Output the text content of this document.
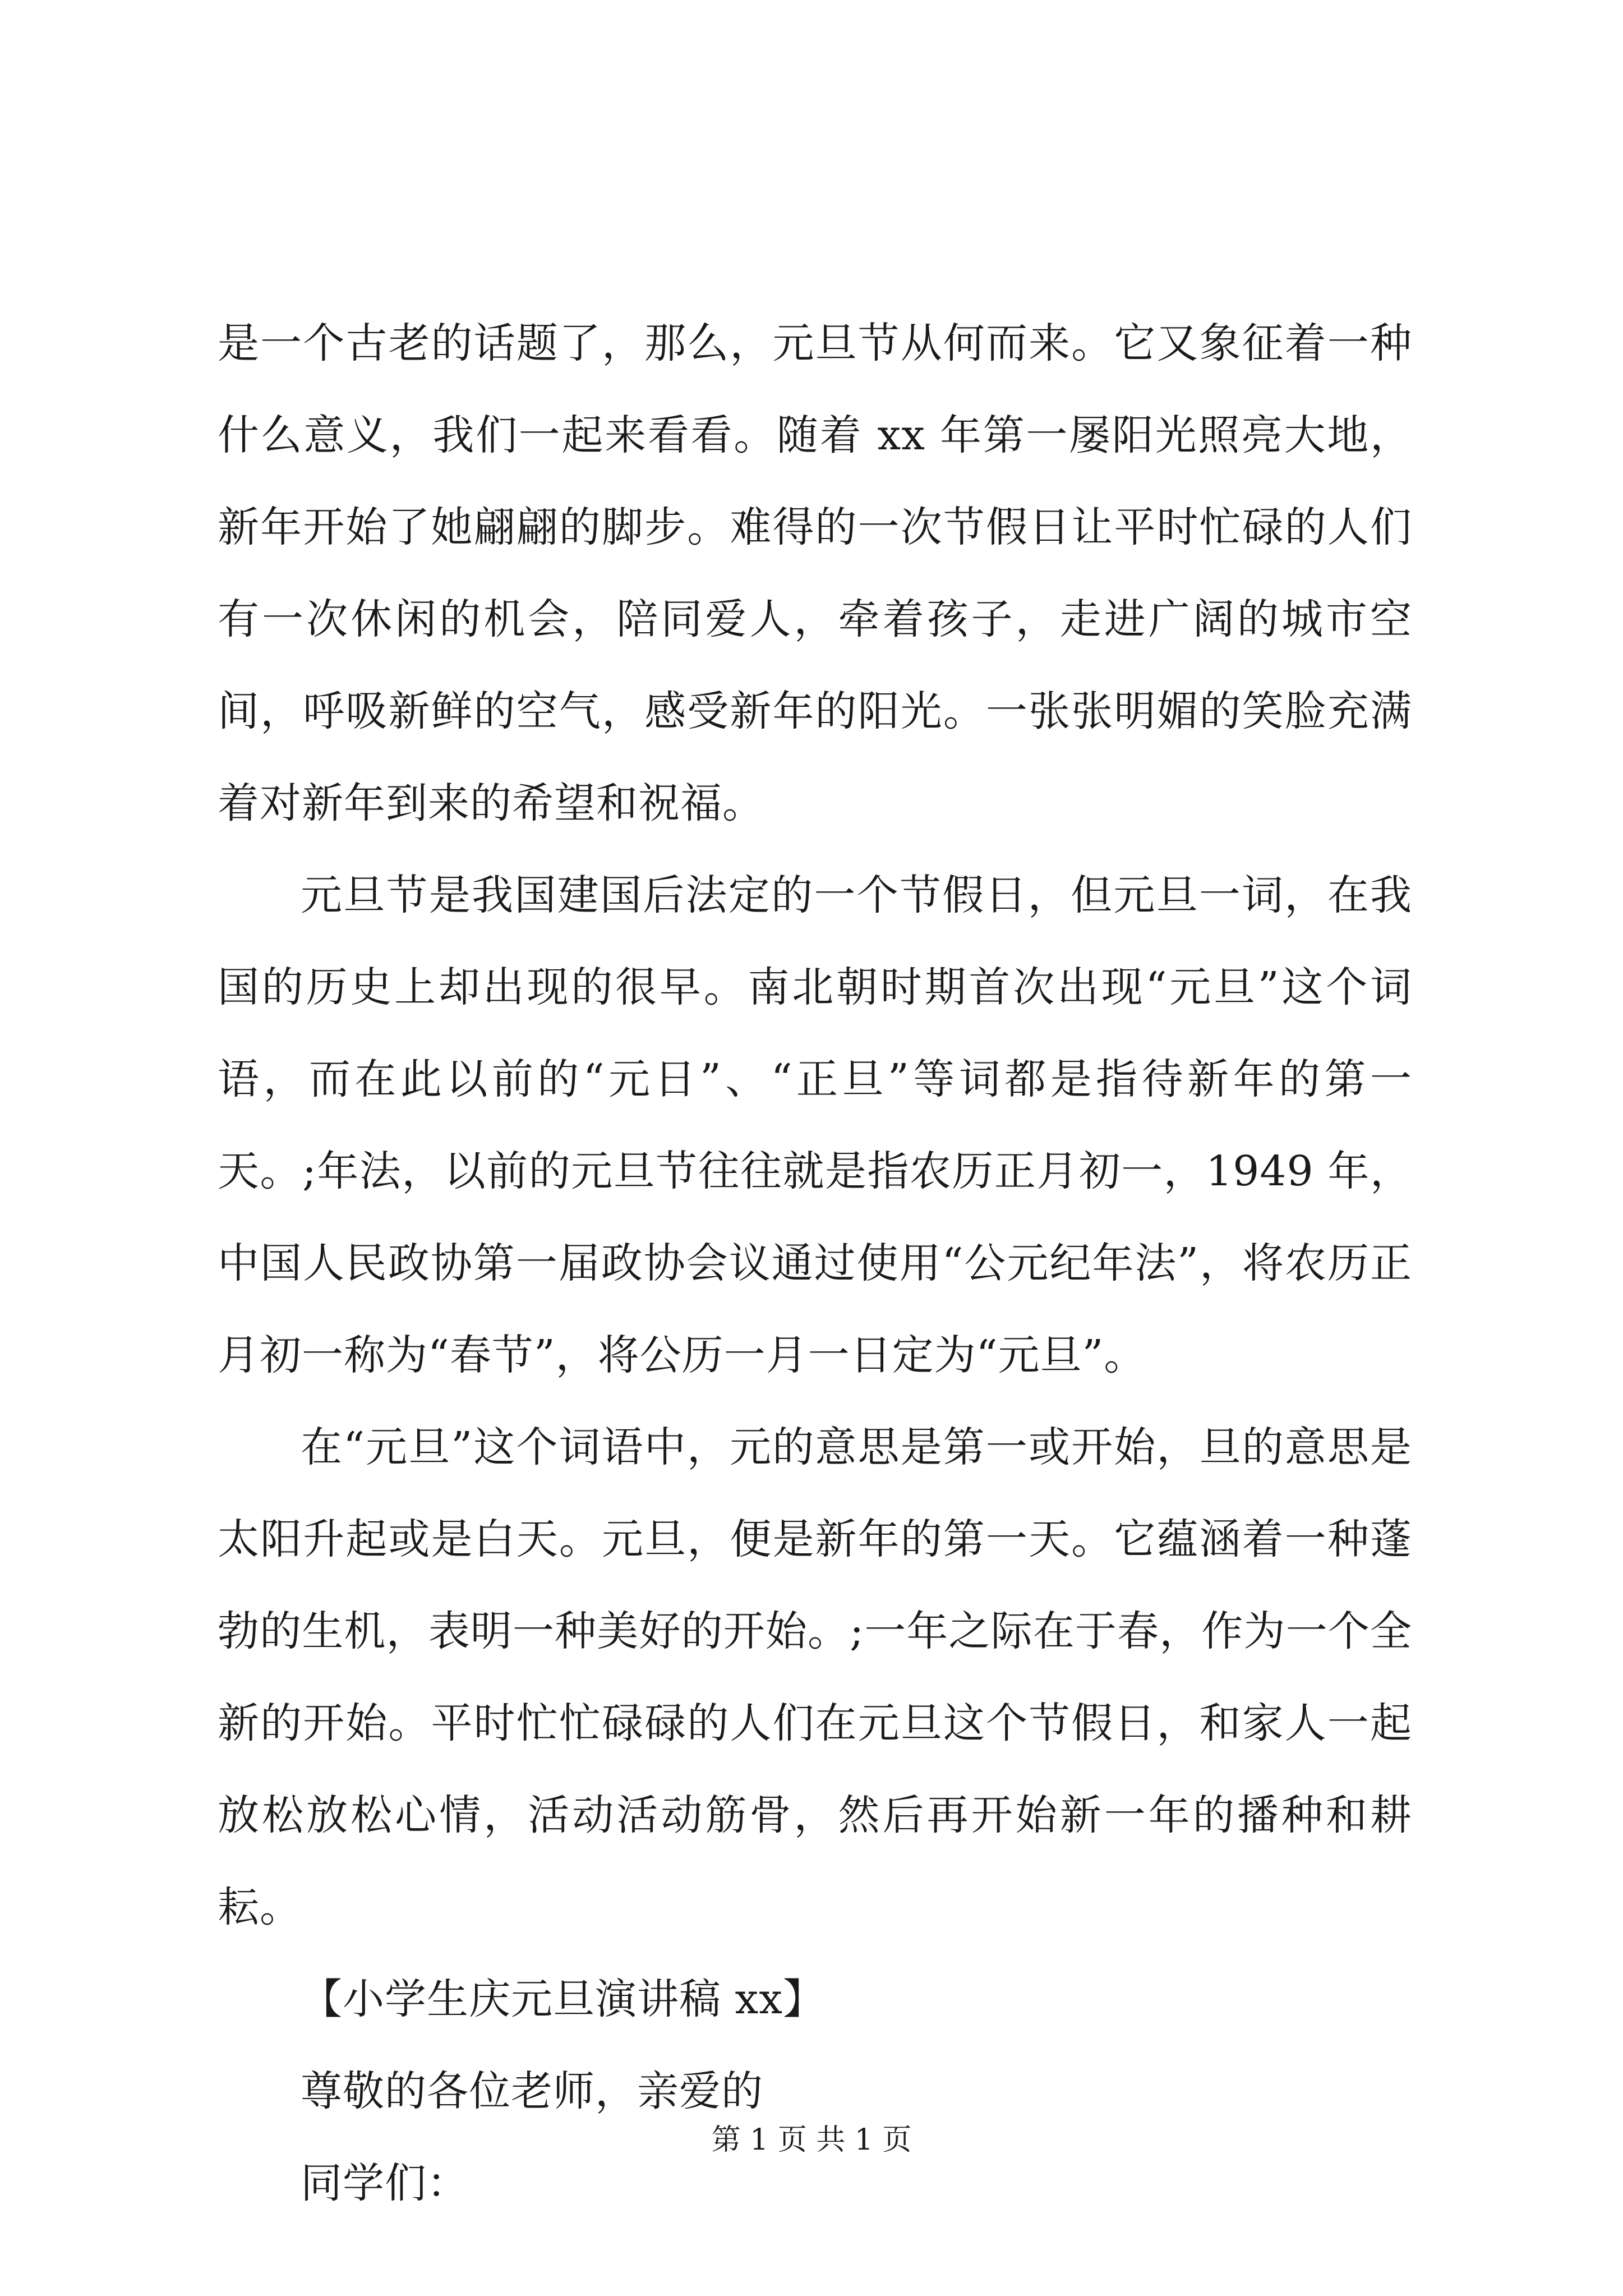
是一个古老的话题了，那么，元旦节从何而来。它又象征着一种什么意义，我们一起来看看。随着 xx 年第一屡阳光照亮大地，新年开始了她翩翩的脚步。难得的一次节假日让平时忙碌的人们有一次休闲的机会，陪同爱人，牵着孩子，走进广阔的城市空间，呼吸新鲜的空气，感受新年的阳光。一张张明媚的笑脸充满着对新年到来的希望和祝福。

元旦节是我国建国后法定的一个节假日，但元旦一词，在我国的历史上却出现的很早。南北朝时期首次出现“元旦”这个词语，而在此以前的“元日”、“正旦”等词都是指待新年的第一天。;年法，以前的元旦节往往就是指农历正月初一，1949 年，中国人民政协第一届政协会议通过使用“公元纪年法”，将农历正月初一称为“春节”，将公历一月一日定为“元旦”。

在“元旦”这个词语中，元的意思是第一或开始，旦的意思是太阳升起或是白天。元旦，便是新年的第一天。它蕴涵着一种蓬勃的生机，表明一种美好的开始。;一年之际在于春，作为一个全新的开始。平时忙忙碌碌的人们在元旦这个节假日，和家人一起放松放松心情，活动活动筋骨，然后再开始新一年的播种和耕耘。

【小学生庆元旦演讲稿 xx】
尊敬的各位老师，亲爱的
同学们：
第 1 页 共 1 页
